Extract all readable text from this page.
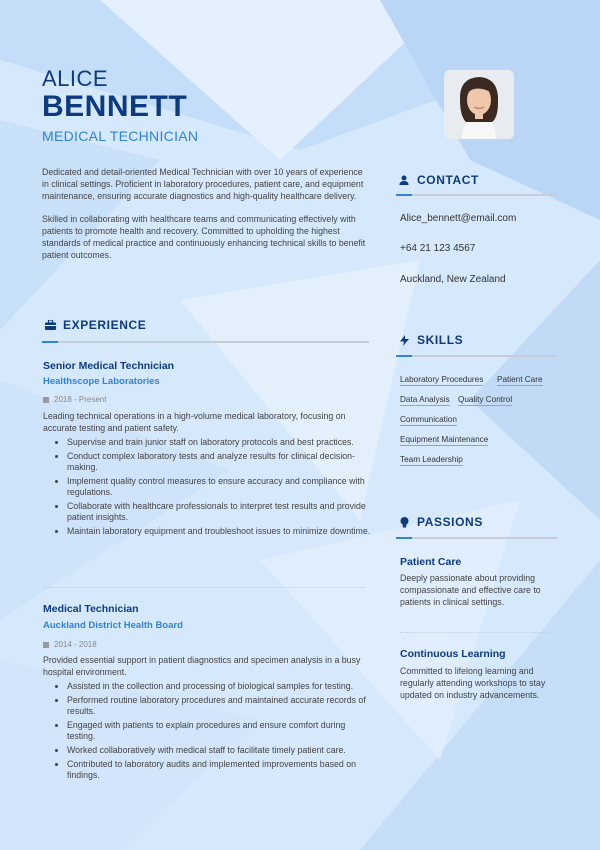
ALICE
BENNETT
MEDICAL TECHNICIAN

Dedicated and detail-oriented Medical Technician with over 10 years of experience in clinical settings. Proficient in laboratory procedures, patient care, and equipment maintenance, ensuring accurate diagnostics and high-quality healthcare delivery.

Skilled in collaborating with healthcare teams and communicating effectively with patients to promote health and recovery. Committed to upholding the highest standards of medical practice and continuously enhancing technical skills to benefit patient outcomes.

EXPERIENCE
Senior Medical Technician
Healthscope Laboratories
2018 - Present

Leading technical operations in a high-volume medical laboratory, focusing on accurate testing and patient safety.

• Supervise and train junior staff on laboratory protocols and best practices.
• Conduct complex laboratory tests and analyze results for clinical decision-making.
• Implement quality control measures to ensure accuracy and compliance with regulations.
• Collaborate with healthcare professionals to interpret test results and provide patient insights.
• Maintain laboratory equipment and troubleshoot issues to minimize downtime.
Medical Technician
Auckland District Health Board
2014 - 2018

Provided essential support in patient diagnostics and specimen analysis in a busy hospital environment.

• Assisted in the collection and processing of biological samples for testing.
• Performed routine laboratory procedures and maintained accurate records of results.
• Engaged with patients to explain procedures and ensure comfort during testing.
• Worked collaboratively with medical staff to facilitate timely patient care.
• Contributed to laboratory audits and implemented improvements based on findings.
CONTACT
Alice_bennett@email.com
+64 21 123 4567
Auckland, New Zealand
SKILLS
Laboratory Procedures Patient Care
Data Analysis Quality Control
Communication
Equipment Maintenance
Team Leadership
PASSIONS
Patient Care

Deeply passionate about providing compassionate and effective care to patients in clinical settings.

Continuous Learning

Committed to lifelong learning and regularly attending workshops to stay updated on industry advancements.
